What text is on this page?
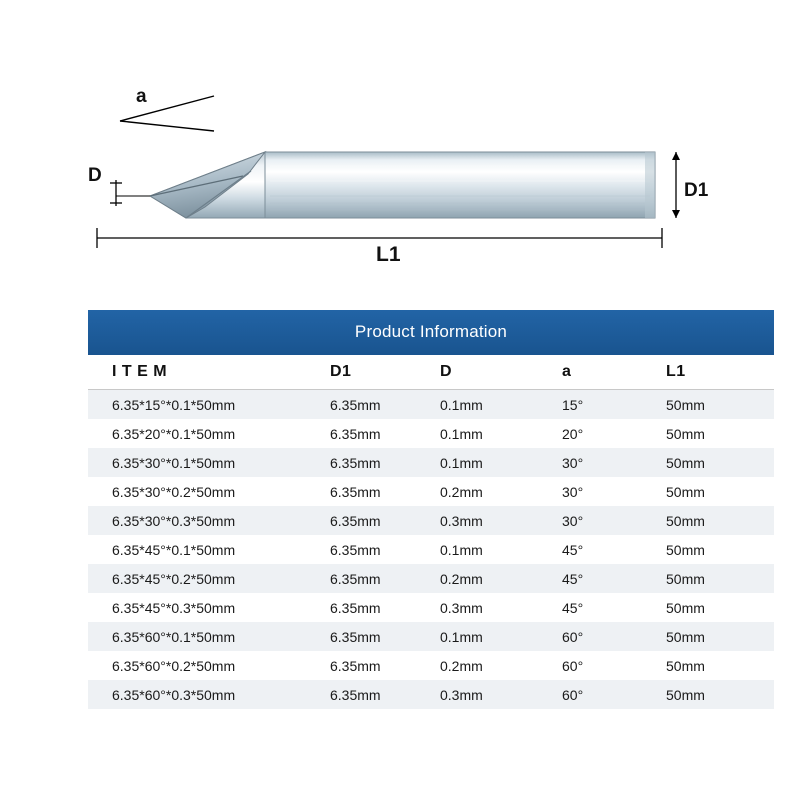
a
D
D1
L1
Product Information
I T E M	D1	D	a	L1
6.35*15°*0.1*50mm	6.35mm	0.1mm	15°	50mm
6.35*20°*0.1*50mm	6.35mm	0.1mm	20°	50mm
6.35*30°*0.1*50mm	6.35mm	0.1mm	30°	50mm
6.35*30°*0.2*50mm	6.35mm	0.2mm	30°	50mm
6.35*30°*0.3*50mm	6.35mm	0.3mm	30°	50mm
6.35*45°*0.1*50mm	6.35mm	0.1mm	45°	50mm
6.35*45°*0.2*50mm	6.35mm	0.2mm	45°	50mm
6.35*45°*0.3*50mm	6.35mm	0.3mm	45°	50mm
6.35*60°*0.1*50mm	6.35mm	0.1mm	60°	50mm
6.35*60°*0.2*50mm	6.35mm	0.2mm	60°	50mm
6.35*60°*0.3*50mm	6.35mm	0.3mm	60°	50mm
